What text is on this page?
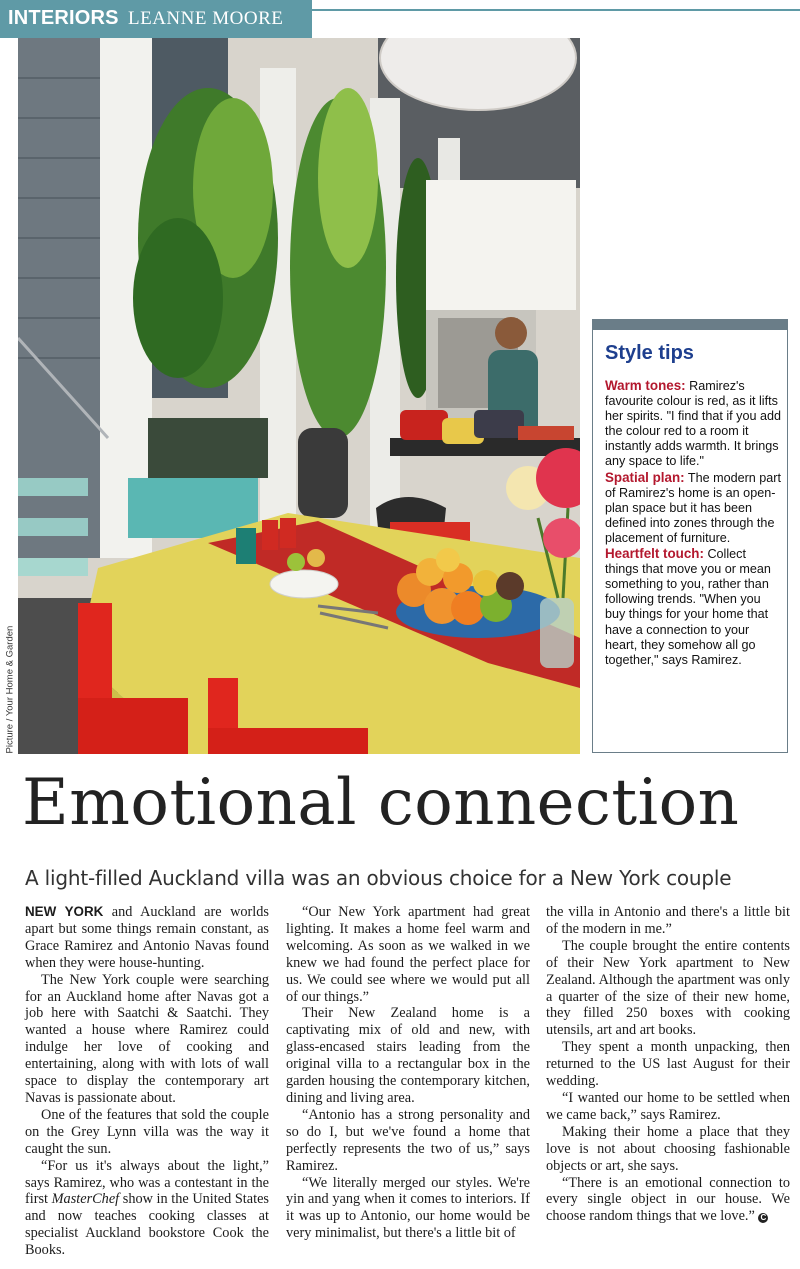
INTERIORS LEANNE MOORE
Picture / Your Home & Garden
Style tips

Warm tones: Ramirez's favourite colour is red, as it lifts her spirits. "I find that if you add the colour red to a room it instantly adds warmth. It brings any space to life."

Spatial plan: The modern part of Ramirez's home is an open-plan space but it has been defined into zones through the placement of furniture.

Heartfelt touch: Collect things that move you or mean something to you, rather than following trends. "When you buy things for your home that have a connection to your heart, they somehow all go together," says Ramirez.

Emotional connection
A light-filled Auckland villa was an obvious choice for a New York couple

NEW YORK and Auckland are worlds apart but some things remain constant, as Grace Ramirez and Antonio Navas found when they were house-hunting.

The New York couple were searching for an Auckland home after Navas got a job here with Saatchi & Saatchi. They wanted a house where Ramirez could indulge her love of cooking and entertaining, along with with lots of wall space to display the contemporary art Navas is passionate about.

One of the features that sold the couple on the Grey Lynn villa was the way it caught the sun.

“For us it's always about the light,” says Ramirez, who was a contestant in the first MasterChef show in the United States and now teaches cooking classes at specialist Auckland bookstore Cook the Books.

“Our New York apartment had great lighting. It makes a home feel warm and welcoming. As soon as we walked in we knew we had found the perfect place for us. We could see where we would put all of our things.”

Their New Zealand home is a captivating mix of old and new, with glass-encased stairs leading from the original villa to a rectangular box in the garden housing the contemporary kitchen, dining and living area.

“Antonio has a strong personality and so do I, but we've found a home that perfectly represents the two of us,” says Ramirez.

“We literally merged our styles. We're yin and yang when it comes to interiors. If it was up to Antonio, our home would be very minimalist, but there's a little bit of

the villa in Antonio and there's a little bit of the modern in me.”

The couple brought the entire contents of their New York apartment to New Zealand. Although the apartment was only a quarter of the size of their new home, they filled 250 boxes with cooking utensils, art and art books.

They spent a month unpacking, then returned to the US last August for their wedding.

“I wanted our home to be settled when we came back,” says Ramirez.

Making their home a place that they love is not about choosing fashionable objects or art, she says.

“There is an emotional connection to every single object in our house. We choose random things that we love.” C
